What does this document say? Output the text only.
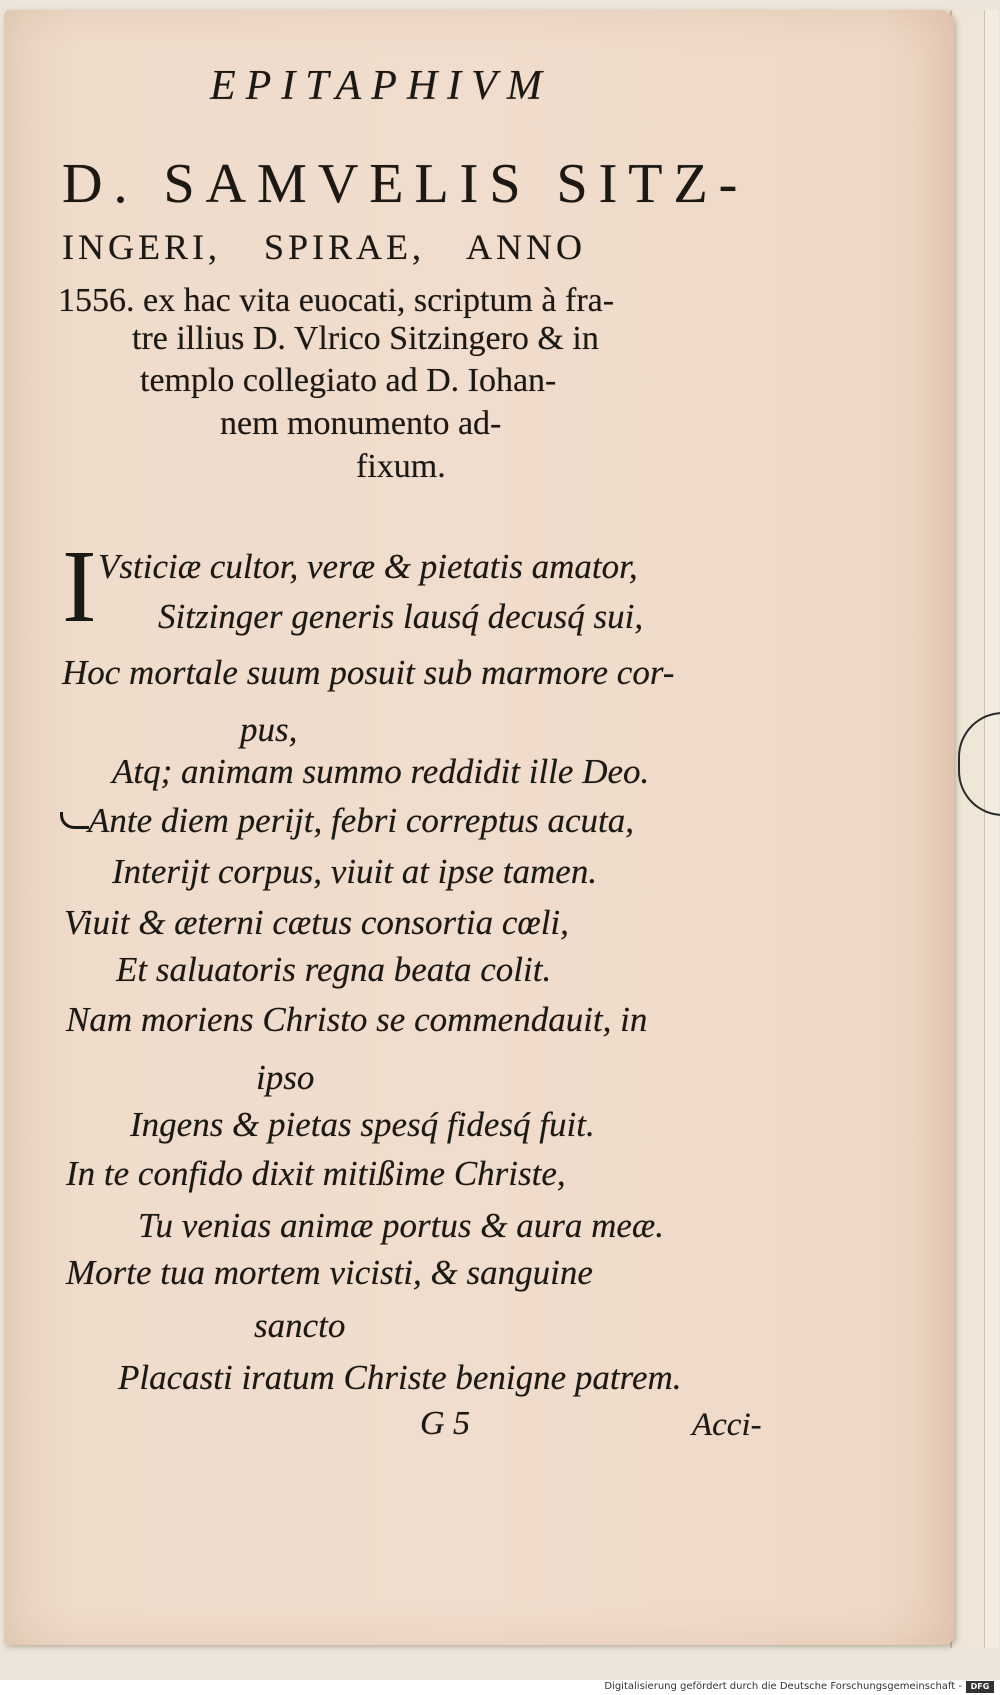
EPITAPHIVM
D. SAMVELIS SITZ-
INGERI, SPIRAE, ANNO
1556. ex hac vita euocati, scriptum à fra-
tre illius D. Vlrico Sitzingero & in
templo collegiato ad D. Iohan-
nem monumento ad-
fixum.
I Vsticiæ cultor, veræ & pietatis amator,
Sitzinger generis lausq́ decusq́ sui,
Hoc mortale suum posuit sub marmore cor-
pus,
Atq; animam summo reddidit ille Deo.
Ante diem periјt, febri correptus acuta,
Interiјt corpus, viuit at ipse tamen.
Viuit & æterni cætus consortia cœli,
Et saluatoris regna beata colit.
Nam moriens Christo se commendauit, in
ipso
Ingens & pietas spesq́ fidesq́ fuit.
In te confido dixit mitißime Christe,
Tu venias animæ portus & aura meæ.
Morte tua mortem vicisti, & sanguine
sancto
Placasti iratum Christe benigne patrem.
G 5	Acci-
Digitalisierung gefördert durch die Deutsche Forschungsgemeinschaft -	DFG
